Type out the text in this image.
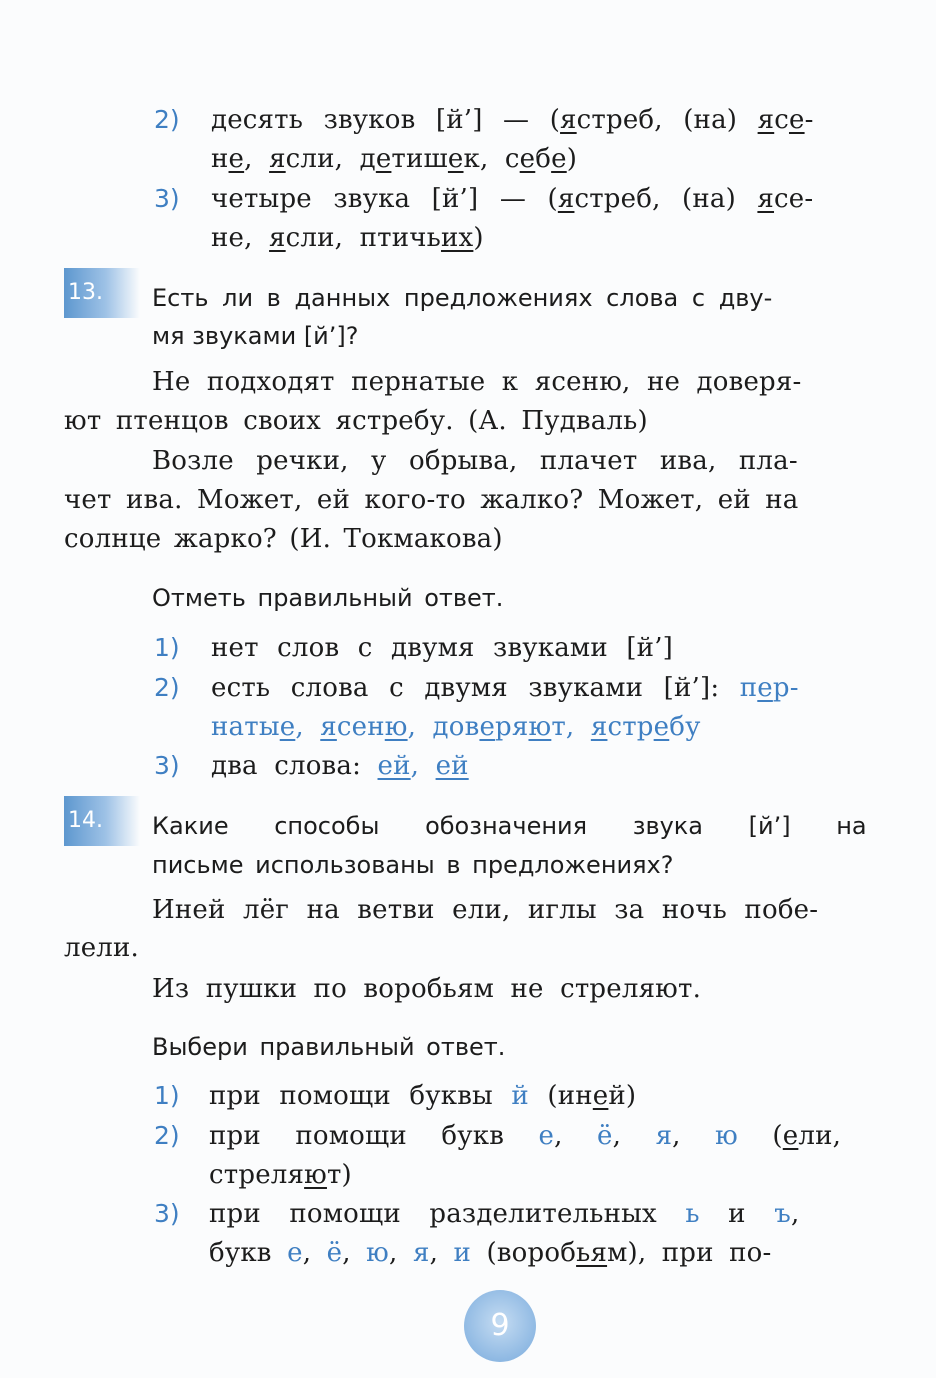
2) десять звуков [й’] — (ястреб, (на) ясе-
не, ясли, детишек, себе)
3) четыре звука [й’] — (ястреб, (на) ясе-
не, ясли, птичьих)
13.	Есть ли в данных предложениях слова с дву-
мя звуками [й’]?
Не подходят пернатые к ясеню, не доверя-
ют птенцов своих ястребу. (А. Пудваль)
Возле речки, у обрыва, плачет ива, пла-
чет ива. Может, ей кого-то жалко? Может, ей на
солнце жарко? (И. Токмакова)
Отметь правильный ответ.
1) нет слов с двумя звуками [й’]
2) есть слова с двумя звуками [й’]: пер-
натые, ясеню, доверяют, ястребу
3) два слова: ей, ей
14.	Какие способы обозначения звука [й’] на
письме использованы в предложениях?
Иней лёг на ветви ели, иглы за ночь побе-
лели.
Из пушки по воробьям не стреляют.
Выбери правильный ответ.
1) при помощи буквы й (иней)
2) при помощи букв е, ё, я, ю (ели,
стреляют)
3) при помощи разделительных ь и ъ,
букв е, ё, ю, я, и (воробьям), при по-
9
